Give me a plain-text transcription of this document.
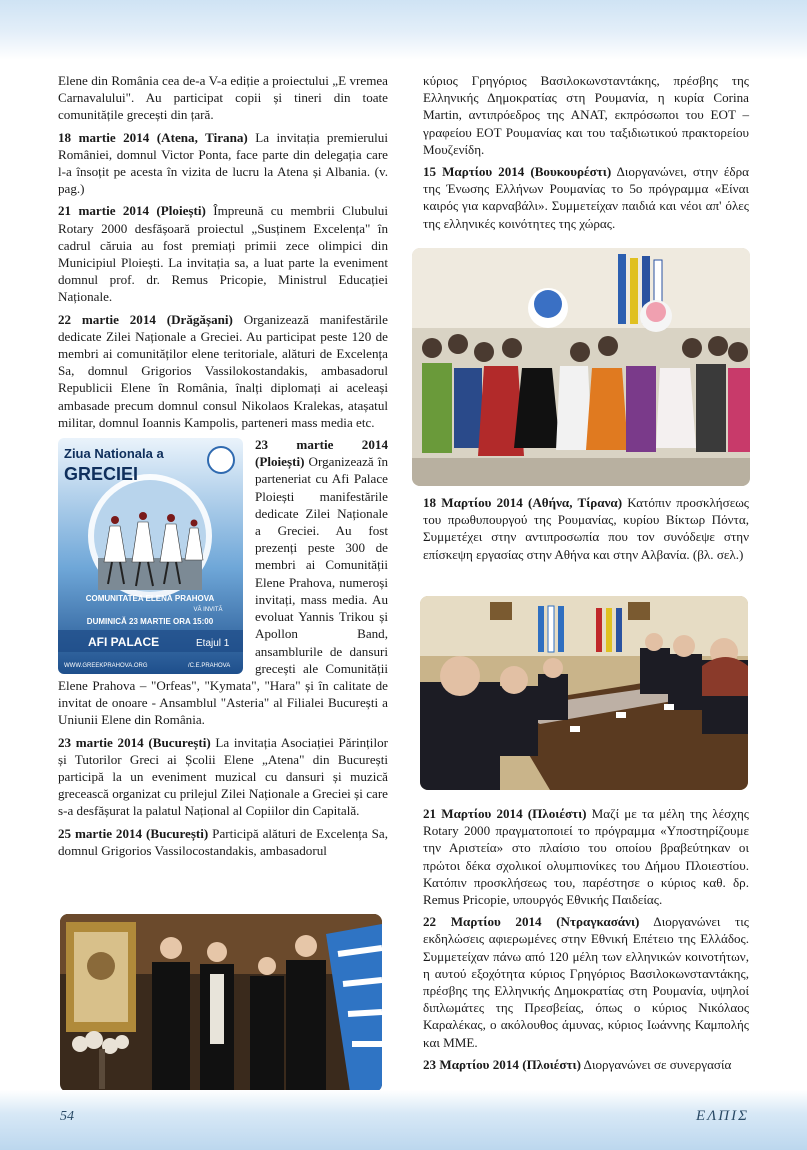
Elene din România cea de-a V-a ediție a proiectului „E vremea Carnavalului". Au participat copii și tineri din toate comunitățile grecești din țară.

18 martie 2014 (Atena, Tirana) La invitația premierului României, domnul Victor Ponta, face parte din delegația care l-a însoțit pe acesta în vizita de lucru la Atena și Albania. (v. pag.)

21 martie 2014 (Ploiești) Împreună cu membrii Clubului Rotary 2000 desfășoară proiectul „Susținem Excelența" în cadrul căruia au fost premiați primii zece olimpici din Municipiul Ploiești. La invitația sa, a luat parte la eveniment domnul prof. dr. Remus Pricopie, Ministrul Educației Naționale.

22 martie 2014 (Drăgășani) Organizează manifestările dedicate Zilei Naționale a Greciei. Au participat peste 120 de membri ai comunităților elene teritoriale, alături de Excelența Sa, domnul Grigorios Vassilokostandakis, ambasadorul Republicii Elene în România, înalți diplomați ai aceleași ambasade precum domnul consul Nikolaos Kralekas, atașatul militar, domnul Ioannis Kampolis, parteneri mass media etc.

Ziua Nationala a
GRECIEI
COMUNITATEA ELENĂ PRAHOVA
VĂ INVITĂ
DUMINICĂ 23 MARTIE ORA 15:00
AFI PALACE	Etajul 1
WWW.GREEKPRAHOVA.ORG	/C.E.PRAHOVA
23 martie 2014 (Ploiești) Organizează în parteneriat cu Afi Palace Ploiești manifestările dedicate Zilei Naționale a Greciei. Au fost prezenți peste 300 de membri ai Comunității Elene Prahova, numeroși invitați, mass media. Au evoluat Yannis Trikou și Apollon Band, ansamblurile de dansuri grecești ale Comunității Elene Prahova – "Orfeas", "Kymata", "Hara" și în calitate de invitat de onoare - Ansamblul "Asteria" al Filialei București a Uniunii Elene din România.

23 martie 2014 (București) La invitația Asociației Părinților și Tutorilor Greci ai Școlii Elene „Atena" din București participă la un eveniment muzical cu dansuri și muzică grecească organizat cu prilejul Zilei Naționale a Greciei și care s-a desfășurat la palatul Național al Copiilor din Capitală.

25 martie 2014 (București) Participă alături de Excelența Sa, domnul Grigorios Vassilocostandakis, ambasadorul

κύριος Γρηγόριος Βασιλοκωνσταντάκης, πρέσβης της Ελληνικής Δημοκρατίας στη Ρουμανία, η κυρία Corina Martin, αντιπρόεδρος της ANAT, εκπρόσωποι του ΕΟΤ – γραφείου ΕΟΤ Ρουμανίας και του ταξιδιωτικού πρακτορείου Μουζενίδη.

15 Μαρτίου 2014 (Βουκουρέστι) Διοργανώνει, στην έδρα της Ένωσης Ελλήνων Ρουμανίας το 5ο πρόγραμμα «Είναι καιρός για καρναβάλι». Συμμετείχαν παιδιά και νέοι απ' όλες της ελληνικές κοινότητες της χώρας.

18 Μαρτίου 2014 (Αθήνα, Τίρανα) Κατόπιν προσκλήσεως του πρωθυπουργού της Ρουμανίας, κυρίου Βίκτωρ Πόντα, Συμμετέχει στην αντιπροσωπία που τον συνόδεψε στην επίσκεψη εργασίας στην Αθήνα και στην Αλβανία. (βλ. σελ.)

21 Μαρτίου 2014 (Πλοιέστι) Μαζί με τα μέλη της λέσχης Rotary 2000 πραγματοποιεί το πρόγραμμα «Υποστηρίζουμε την Αριστεία» στο πλαίσιο του οποίου βραβεύτηκαν οι πρώτοι δέκα σχολικοί ολυμπιονίκες του Δήμου Πλοιεστίου. Κατόπιν προσκλήσεως του, παρέστησε ο κύριος καθ. δρ. Remus Pricopie, υπουργός Εθνικής Παιδείας.

22 Μαρτίου 2014 (Ντραγκασάνι) Διοργανώνει τις εκδηλώσεις αφιερωμένες στην Εθνική Επέτειο της Ελλάδος. Συμμετείχαν πάνω από 120 μέλη των ελληνικών κοινοτήτων, η αυτού εξοχότητα κύριος Γρηγόριος Βασιλοκωνσταντάκης, πρέσβης της Ελληνικής Δημοκρατίας στη Ρουμανία, υψηλοί διπλωμάτες της Πρεσβείας, όπως ο κύριος Νικόλαος Καραλέκας, ο ακόλουθος άμυνας, κύριος Ιωάννης Καμπολής και ΜΜΕ.

23 Μαρτίου 2014 (Πλοιέστι) Διοργανώνει σε συνεργασία

54	ΕΛΠΙΣ
